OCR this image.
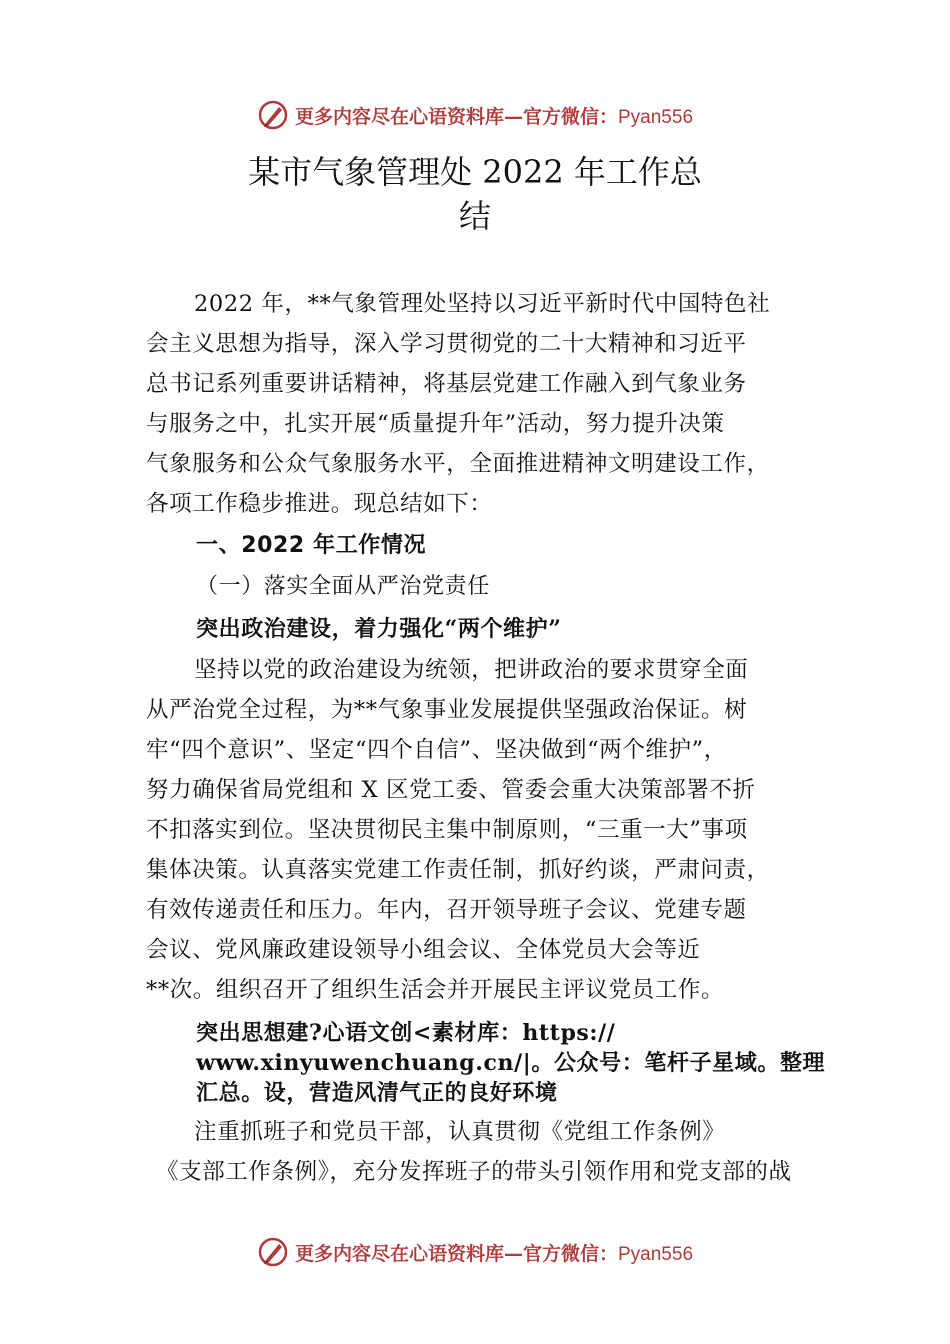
更多内容尽在心语资料库—官方微信：Pyan556
某市气象管理处 2022 年工作总
结
2022 年，**气象管理处坚持以习近平新时代中国特色社
会主义思想为指导，深入学习贯彻党的二十大精神和习近平
总书记系列重要讲话精神，将基层党建工作融入到气象业务
与服务之中，扎实开展“质量提升年”活动，努力提升决策
气象服务和公众气象服务水平，全面推进精神文明建设工作，
各项工作稳步推进。现总结如下：
一、2022 年工作情况
（一）落实全面从严治党责任
突出政治建设，着力强化“两个维护”
坚持以党的政治建设为统领，把讲政治的要求贯穿全面
从严治党全过程，为**气象事业发展提供坚强政治保证。树
牢“四个意识”、坚定“四个自信”、坚决做到“两个维护”，
努力确保省局党组和 X 区党工委、管委会重大决策部署不折
不扣落实到位。坚决贯彻民主集中制原则，“三重一大”事项
集体决策。认真落实党建工作责任制，抓好约谈，严肃问责，
有效传递责任和压力。年内，召开领导班子会议、党建专题
会议、党风廉政建设领导小组会议、全体党员大会等近
**次。组织召开了组织生活会并开展民主评议党员工作。
突出思想建?心语文创<素材库：https://
www.xinyuwenchuang.cn/|。公众号：笔杆子星域。整理
汇总。设，营造风清气正的良好环境
注重抓班子和党员干部，认真贯彻《党组工作条例》
《支部工作条例》，充分发挥班子的带头引领作用和党支部的战
更多内容尽在心语资料库—官方微信：Pyan556
